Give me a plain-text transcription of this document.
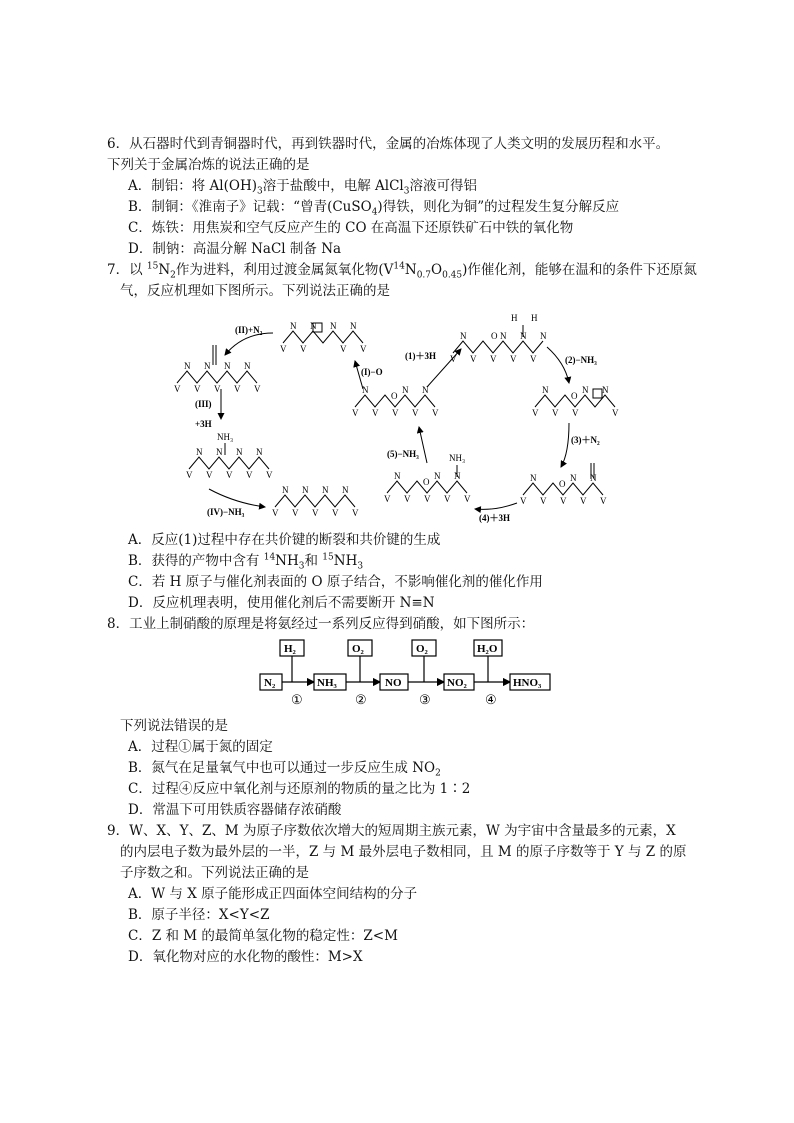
6．从石器时代到青铜器时代，再到铁器时代，金属的冶炼体现了人类文明的发展历程和水平。
下列关于金属冶炼的说法正确的是
A．制铝：将 $Al(OH)_3$溶于盐酸中，电解 AlCl$_3$溶液可得铝
B．制铜：《淮南子》记载：“曾青(CuSO$_4$)得铁，则化为铜”的过程发生复分解反应
C．炼铁：用焦炭和空气反应产生的 CO 在高温下还原铁矿石中铁的氧化物
D．制钠：高温分解 NaCl 制备 Na
7．以 $^{15}N_2$作为进料，利用过渡金属氮氧化物$(V^{14}N_{0.7}O_{0.45})$作催化剂，能够在温和的条件下还原氮
气，反应机理如下图所示。下列说法正确的是
(II)+N₂
(III)
+3H
NH₃
(IV)−NH₃
(I)−O
(1)＋3H	(2)−NH₃
(3)＋N₂
(4)＋3H
(5)−NH₃
H H
NH₃
O	O
O
O
O
V
N
V
N N
V
N
V
V
N
V
N
V
N
V
N
V
V
N
V
N
V
N
V
N
V
V
N
V
N
V
N
V
N
V
V
N
V V
N
V
N
V
V
N
V V
N
V
N
V
N
V
N
V V
N N
V
V
N
V V
N
V
N
V
V
N
V V
N
V
N
V
A．反应(1)过程中存在共价键的断裂和共价键的生成
B．获得的产物中含有 $^{14}NH_3$和 $^{15}NH_3$
C．若 H 原子与催化剂表面的 O 原子结合，不影响催化剂的催化作用
D．反应机理表明，使用催化剂后不需要断开 N≡N
8．工业上制硝酸的原理是将氨经过一系列反应得到硝酸，如下图所示：
N₂	NH₃	NO	NO₂	HNO₃
H₂	O₂	O₂	H₂O
①	②	③	④
下列说法错误的是
A．过程①属于氮的固定
B．氮气在足量氧气中也可以通过一步反应生成 $NO_2$
C．过程④反应中氧化剂与还原剂的物质的量之比为 1∶2
D．常温下可用铁质容器储存浓硝酸
9．W、X、Y、Z、M 为原子序数依次增大的短周期主族元素，W 为宇宙中含量最多的元素，X
的内层电子数为最外层的一半，Z 与 M 最外层电子数相同，且 M 的原子序数等于 Y 与 Z 的原
子序数之和。下列说法正确的是
A．W 与 X 原子能形成正四面体空间结构的分子
B．原子半径：X<Y<Z
C．Z 和 M 的最简单氢化物的稳定性：Z<M
D．氧化物对应的水化物的酸性：M>X
